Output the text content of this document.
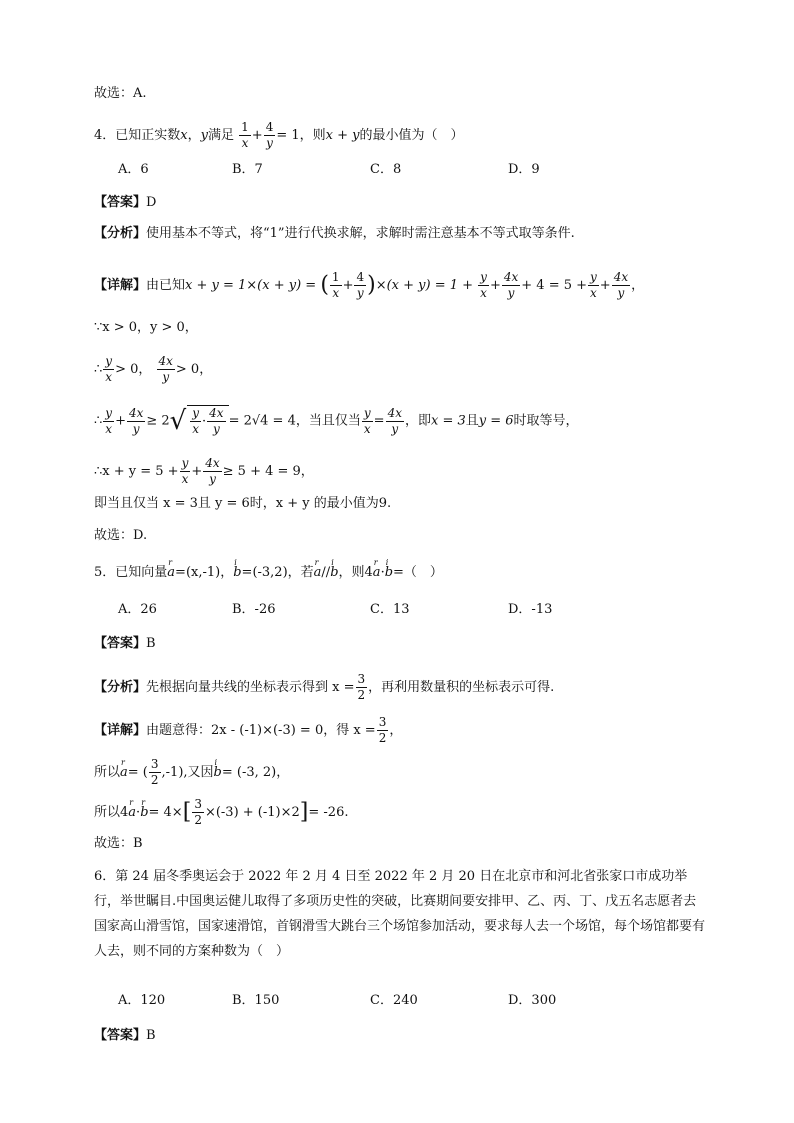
故选：A.
4．已知正实数x，y满足 $\frac{1}{x} + \frac{4}{y} = 1$，则x + y的最小值为（　）
A．6	B．7	C．8	D．9
【答案】D
【分析】使用基本不等式，将“1”进行代换求解，求解时需注意基本不等式取等条件.
【详解】由已知x + y = 1×(x + y) = ( $\frac{1}{x} + \frac{4}{y} )\times(x + y) = 1 + \frac{y}{x} + \frac{4x}{y} + 4 = 5 + \frac{y}{x} + \frac{4x}{y}$ ，
∵x > 0，y > 0，
∴ $\frac{y}{x} > 0$， $\frac{4x}{y} > 0$，
∴ $\frac{y}{x} + \frac{4x}{y} \ge 2√ \frac{y}{x} \cdot \frac{4x}{y} = 2√4 = 4$，当且仅当 $\frac{y}{x} = \frac{4x}{y}$ ，即x = 3且y = 6时取等号，
∴x + $y = 5 + \frac{y}{x} + \frac{4x}{y} \ge 5 + 4 = 9$，
即当且仅当 x = 3且 y = 6时，x + y 的最小值为9.
故选：D.
5．已知向量
r
a=(x,-1)，
i
b=(-3,2)，若
r
a//
i
b，则4
r
a·
i
b=（　）
A．26	B．-26	C．13	D．-13
【答案】B
【分析】先根据向量共线的坐标表示得到 $x = \frac{3}{2}$ ，再利用数量积的坐标表示可得.
【详解】由题意得：2x - (-1)×(-3) = 0，得 $x = \frac{3}{2}$ ，
所以
r
a= ( $\frac{3}{2} ,-1$),又因
i
b= (-3, 2)，
所以4
r
a·
r
$b= 4\times[ \frac{3}{2} \times(-3) + (-1)\times 2]= -26$.
故选：B
6．第 24 届冬季奥运会于 2022 年 2 月 4 日至 2022 年 2 月 20 日在北京市和河北省张家口市成功举行，举世瞩目.中国奥运健儿取得了多项历史性的突破，比赛期间要安排甲、乙、丙、丁、戊五名志愿者去国家高山滑雪馆，国家速滑馆，首钢滑雪大跳台三个场馆参加活动，要求每人去一个场馆，每个场馆都要有人去，则不同的方案种数为（　）
A．120	B．150	C．240	D．300
【答案】B
